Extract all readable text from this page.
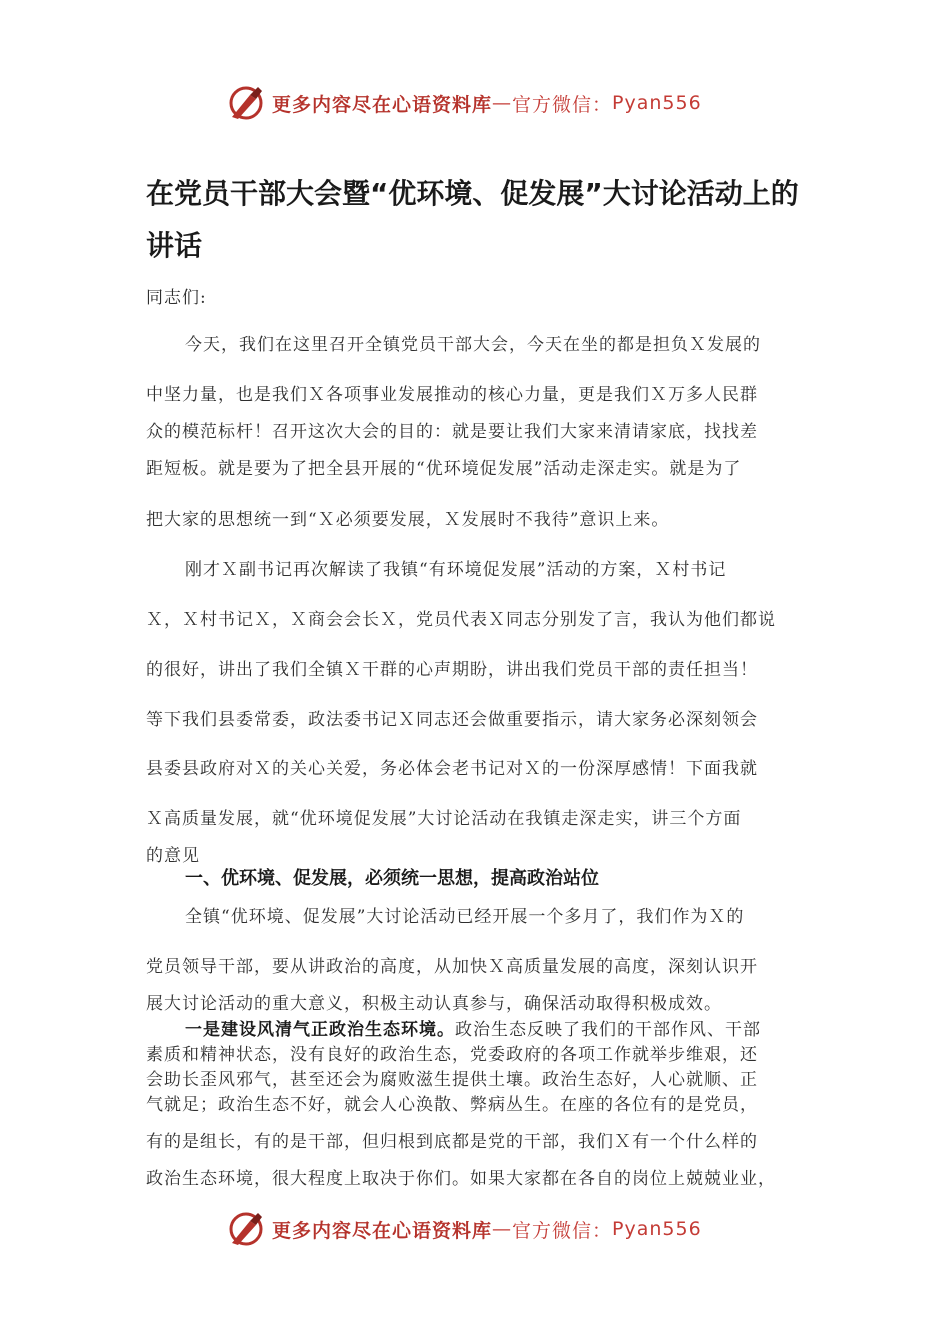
更多内容尽在心语资料库 — 官方微信： Pyan556
在党员干部大会暨“优环境、促发展”大讨论活动上的讲话
同志们:
今天，我们在这里召开全镇党员干部大会，今天在坐的都是担负Ｘ发展的
中坚力量，也是我们Ｘ各项事业发展推动的核心力量，更是我们Ｘ万多人民群
众的模范标杆！召开这次大会的目的：就是要让我们大家来清请家底，找找差
距短板。就是要为了把全县开展的“优环境促发展”活动走深走实。就是为了
把大家的思想统一到“Ｘ必须要发展，Ｘ发展时不我待”意识上来。
刚才Ｘ副书记再次解读了我镇“有环境促发展”活动的方案，Ｘ村书记
Ｘ，Ｘ村书记Ｘ，Ｘ商会会长Ｘ，党员代表Ｘ同志分别发了言，我认为他们都说
的很好，讲出了我们全镇Ｘ干群的心声期盼，讲出我们党员干部的责任担当！
等下我们县委常委，政法委书记Ｘ同志还会做重要指示，请大家务必深刻领会
县委县政府对Ｘ的关心关爱，务必体会老书记对Ｘ的一份深厚感情！下面我就
Ｘ高质量发展，就“优环境促发展”大讨论活动在我镇走深走实，讲三个方面
的意见
一、优环境、促发展，必须统一思想，提高政治站位
全镇“优环境、促发展”大讨论活动已经开展一个多月了，我们作为Ｘ的
党员领导干部，要从讲政治的高度，从加快Ｘ高质量发展的高度，深刻认识开
展大讨论活动的重大意义，积极主动认真参与，确保活动取得积极成效。
一是建设风清气正政治生态环境。政治生态反映了我们的干部作风、干部
素质和精神状态，没有良好的政治生态，党委政府的各项工作就举步维艰，还
会助长歪风邪气，甚至还会为腐败滋生提供土壤。政治生态好，人心就顺、正
气就足；政治生态不好，就会人心涣散、弊病丛生。在座的各位有的是党员，
有的是组长，有的是干部，但归根到底都是党的干部，我们Ｘ有一个什么样的
政治生态环境，很大程度上取决于你们。如果大家都在各自的岗位上兢兢业业，
更多内容尽在心语资料库 — 官方微信： Pyan556
